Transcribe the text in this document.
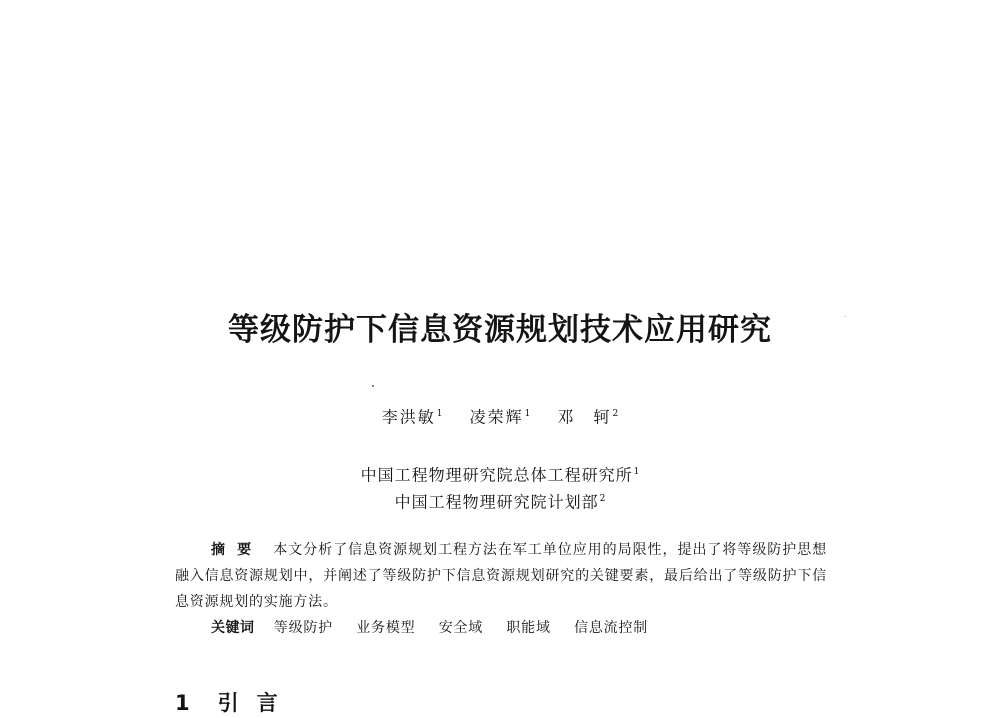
等级防护下信息资源规划技术应用研究
李洪敏$^1$ 凌荣辉$^1$ 邓　轲$^2$
中国工程物理研究院总体工程研究所$^1$
中国工程物理研究院计划部$^2$
摘要 本文分析了信息资源规划工程方法在军工单位应用的局限性，提出了将等级防护思想融入信息资源规划中，并阐述了等级防护下信息资源规划研究的关键要素，最后给出了等级防护下信息资源规划的实施方法。
关键词 等级防护 业务模型 安全域 职能域 信息流控制
1 引言
